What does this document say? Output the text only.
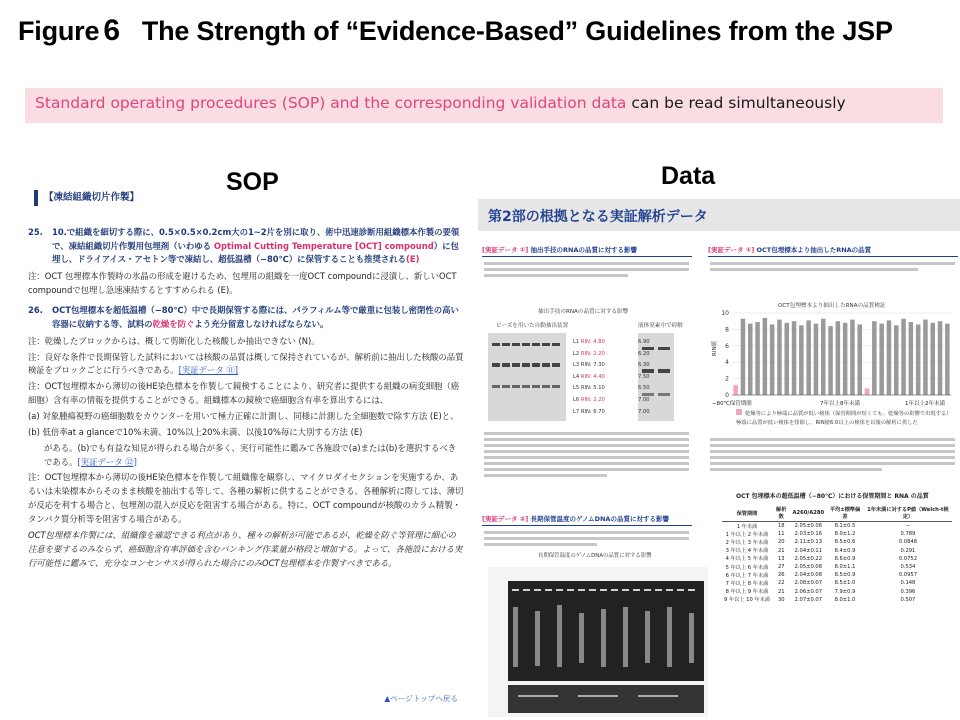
Figure 6 The Strength of “Evidence-Based” Guidelines from the JSP
Standard operating procedures (SOP) and the corresponding validation data can be read simultaneously
SOP	Data
【凍結組織切片作製】
25.	10.で組織を細切する際に、0.5×0.5×0.2cm大の1~2片を別に取り、術中迅速診断用組織標本作製の要領で、凍結組織切片作製用包埋剤（いわゆる Optimal Cutting Temperature [OCT] compound）に包埋し、ドライアイス・アセトン等で凍結し、超低温槽（−80℃）に保管することも推奨される(E)
注：OCT 包埋標本作製時の氷晶の形成を避けるため、包埋用の組織を一度OCT compoundに浸漬し、新しいOCT compoundで包埋し急速凍結するとすすめられる (E)。
26.	OCT包埋標本を超低温槽（−80℃）中で長期保管する際には、パラフィルム等で厳重に包装し密閉性の高い容器に収納する等、試料の乾燥を防ぐよう充分留意しなければならない。
注：乾燥したブロックからは、概して剪断化した核酸しか抽出できない (N)。
注：良好な条件で長期保管した試料においては核酸の品質は概して保持されているが、解析前に抽出した核酸の品質検証をブロックごとに行うべきである。[実証データ ⑪]
注：OCT包埋標本から薄切の後HE染色標本を作製して鏡検することにより、研究者に提供する組織の病変細胞（癌細胞）含有率の情報を提供することができる。組織標本の鏡検で癌細胞含有率を算出するには、
(a) 対象腫瘍視野の癌細胞数をカウンターを用いて極力正確に計測し、同様に計測した全細胞数で除す方法 (E)と、
(b) 低倍率at a glanceで10%未満、10%以上20%未満、以後10%毎に大別する方法 (E)
がある。(b)でも有益な知見が得られる場合が多く、実行可能性に鑑みて各施設で(a)または(b)を選択するべきである。[実証データ ⑫]
注：OCT包埋標本から薄切の後HE染色標本を作製して組織像を観察し、マイクロダイセクションを実施するか、あるいは未染標本からそのまま核酸を抽出する等して、各種の解析に供することができる。各種解析に際しては、薄切が反応を利する場合と、包埋剤の混入が反応を阻害する場合がある。特に、OCT compoundが核酸のカラム精製・タンパク質分析等を阻害する場合がある。
OCT包埋標本作製には、組織像を確認できる利点があり、種々の解析が可能であるが、乾燥を防ぐ等管理に細心の注意を要するのみならず、癌細胞含有率評価を含むバンキング作業量が格段と増加する。よって、各施設における実行可能性に鑑みて、充分なコンセンサスが得られた場合にのみOCT包埋標本を作製すべきである。
▲ページトップへ戻る
第2部の根拠となる実証解析データ
[実証データ ①] 抽出手技のRNAの品質に対する影響	[実証データ ①] OCT包埋標本より抽出したRNAの品質
抽出手技のRNAの品質に対する影響
ビーズを用いた自動抽出装置	液体窒素中で砕解
L1 RIN: 4.80
L2 RIN: 2.20
L3 RIN: 7.30
L4 RIN: 4.40
L5 RIN: 5.10
L6 RIN: 2.20
L7 RIN: 6.70
6.90
6.20
6.30
7.50
6.50
7.00
7.00
OCT包埋標本より抽出したRNAの品質検証
0
2
4
6
8
10
RIN値
−80℃保管期間	7年以上8年未満	1年以上2年未満
乾燥等により極端に品質が低い検体（保管期間が短くても、乾燥等の影響で出現する）
極端に品質が低い検体を排除し、RIN値6.0以上の検体を以後の解析に供した
OCT 包埋標本の超低温槽（−80℃）における保管期間と RNA の品質
保管期間	解析数	A260/A280	平均±標準偏差	1年未満に対するP値（Welch-t検定）
1 年未満	18	2.05±0.06	8.1±0.5	−
1 年以上 2 年未満	11	2.03±0.16	8.0±1.2	0.789
2 年以上 3 年未満	20	2.11±0.13	8.5±0.6	0.0848
3 年以上 4 年未満	21	2.04±0.11	8.4±0.9	0.291
4 年以上 5 年未満	13	2.05±0.22	8.6±0.9	0.0752
5 年以上 6 年未満	27	2.05±0.08	8.0±1.1	0.534
6 年以上 7 年未満	26	2.04±0.08	8.5±0.9	0.0957
7 年以上 8 年未満	22	2.08±0.07	8.5±1.0	0.148
8 年以上 9 年未満	21	2.06±0.07	7.9±0.9	0.396
9 年以上 10 年未満	30	2.07±0.07	8.0±1.0	0.507
[実証データ ②] 長期保管温度のゲノムDNAの品質に対する影響
長期保管温度のゲノムDNAの品質に対する影響
